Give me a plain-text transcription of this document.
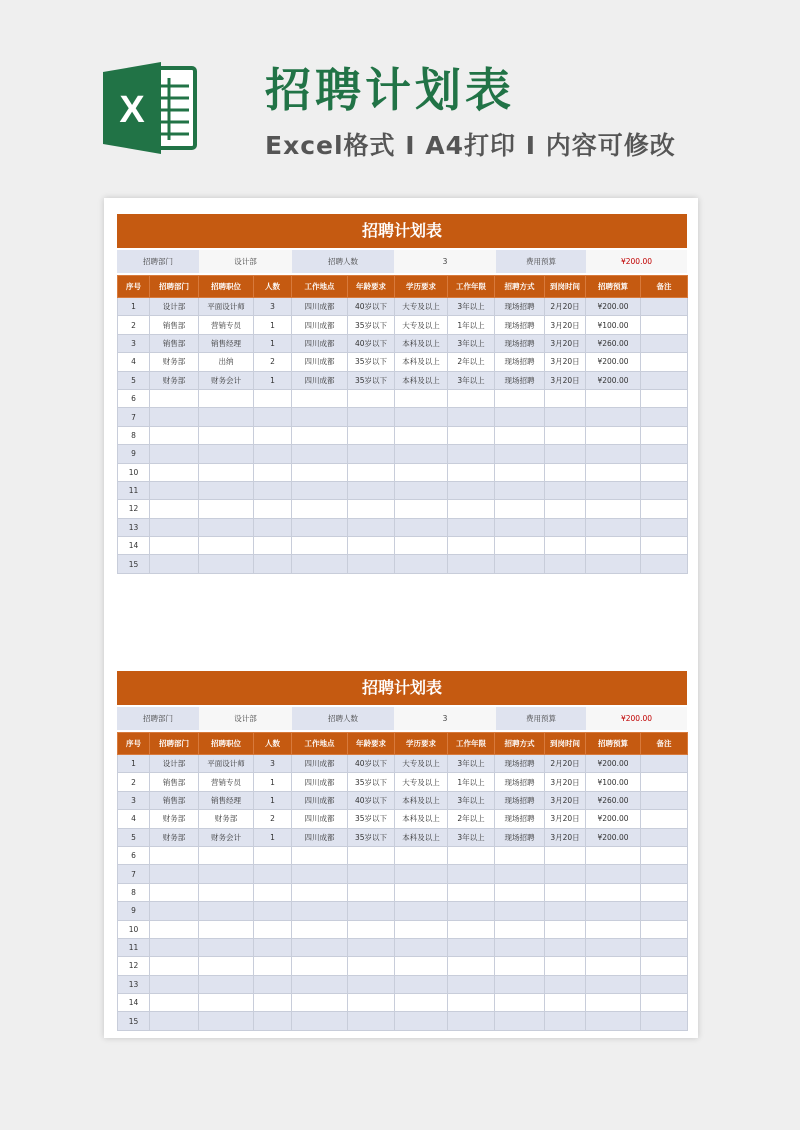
X	招聘计划表
Excel格式 I A4打印 I 内容可修改
招聘计划表
招聘部门	设计部	招聘人数	3	费用预算	¥200.00
序号	招聘部门	招聘职位	人数	工作地点	年龄要求	学历要求	工作年限	招聘方式	到岗时间	招聘预算	备注
1	设计部	平面设计师	3	四川成都	40岁以下	大专及以上	3年以上	现场招聘	2月20日	¥200.00	
2	销售部	营销专员	1	四川成都	35岁以下	大专及以上	1年以上	现场招聘	3月20日	¥100.00	
3	销售部	销售经理	1	四川成都	40岁以下	本科及以上	3年以上	现场招聘	3月20日	¥260.00	
4	财务部	出纳	2	四川成都	35岁以下	本科及以上	2年以上	现场招聘	3月20日	¥200.00	
5	财务部	财务会计	1	四川成都	35岁以下	本科及以上	3年以上	现场招聘	3月20日	¥200.00	
6											
7											
8											
9											
10											
11											
12											
13											
14											
15											
招聘计划表
招聘部门	设计部	招聘人数	3	费用预算	¥200.00
序号	招聘部门	招聘职位	人数	工作地点	年龄要求	学历要求	工作年限	招聘方式	到岗时间	招聘预算	备注
1	设计部	平面设计师	3	四川成都	40岁以下	大专及以上	3年以上	现场招聘	2月20日	¥200.00	
2	销售部	营销专员	1	四川成都	35岁以下	大专及以上	1年以上	现场招聘	3月20日	¥100.00	
3	销售部	销售经理	1	四川成都	40岁以下	本科及以上	3年以上	现场招聘	3月20日	¥260.00	
4	财务部	财务部	2	四川成都	35岁以下	本科及以上	2年以上	现场招聘	3月20日	¥200.00	
5	财务部	财务会计	1	四川成都	35岁以下	本科及以上	3年以上	现场招聘	3月20日	¥200.00	
6											
7											
8											
9											
10											
11											
12											
13											
14											
15											
